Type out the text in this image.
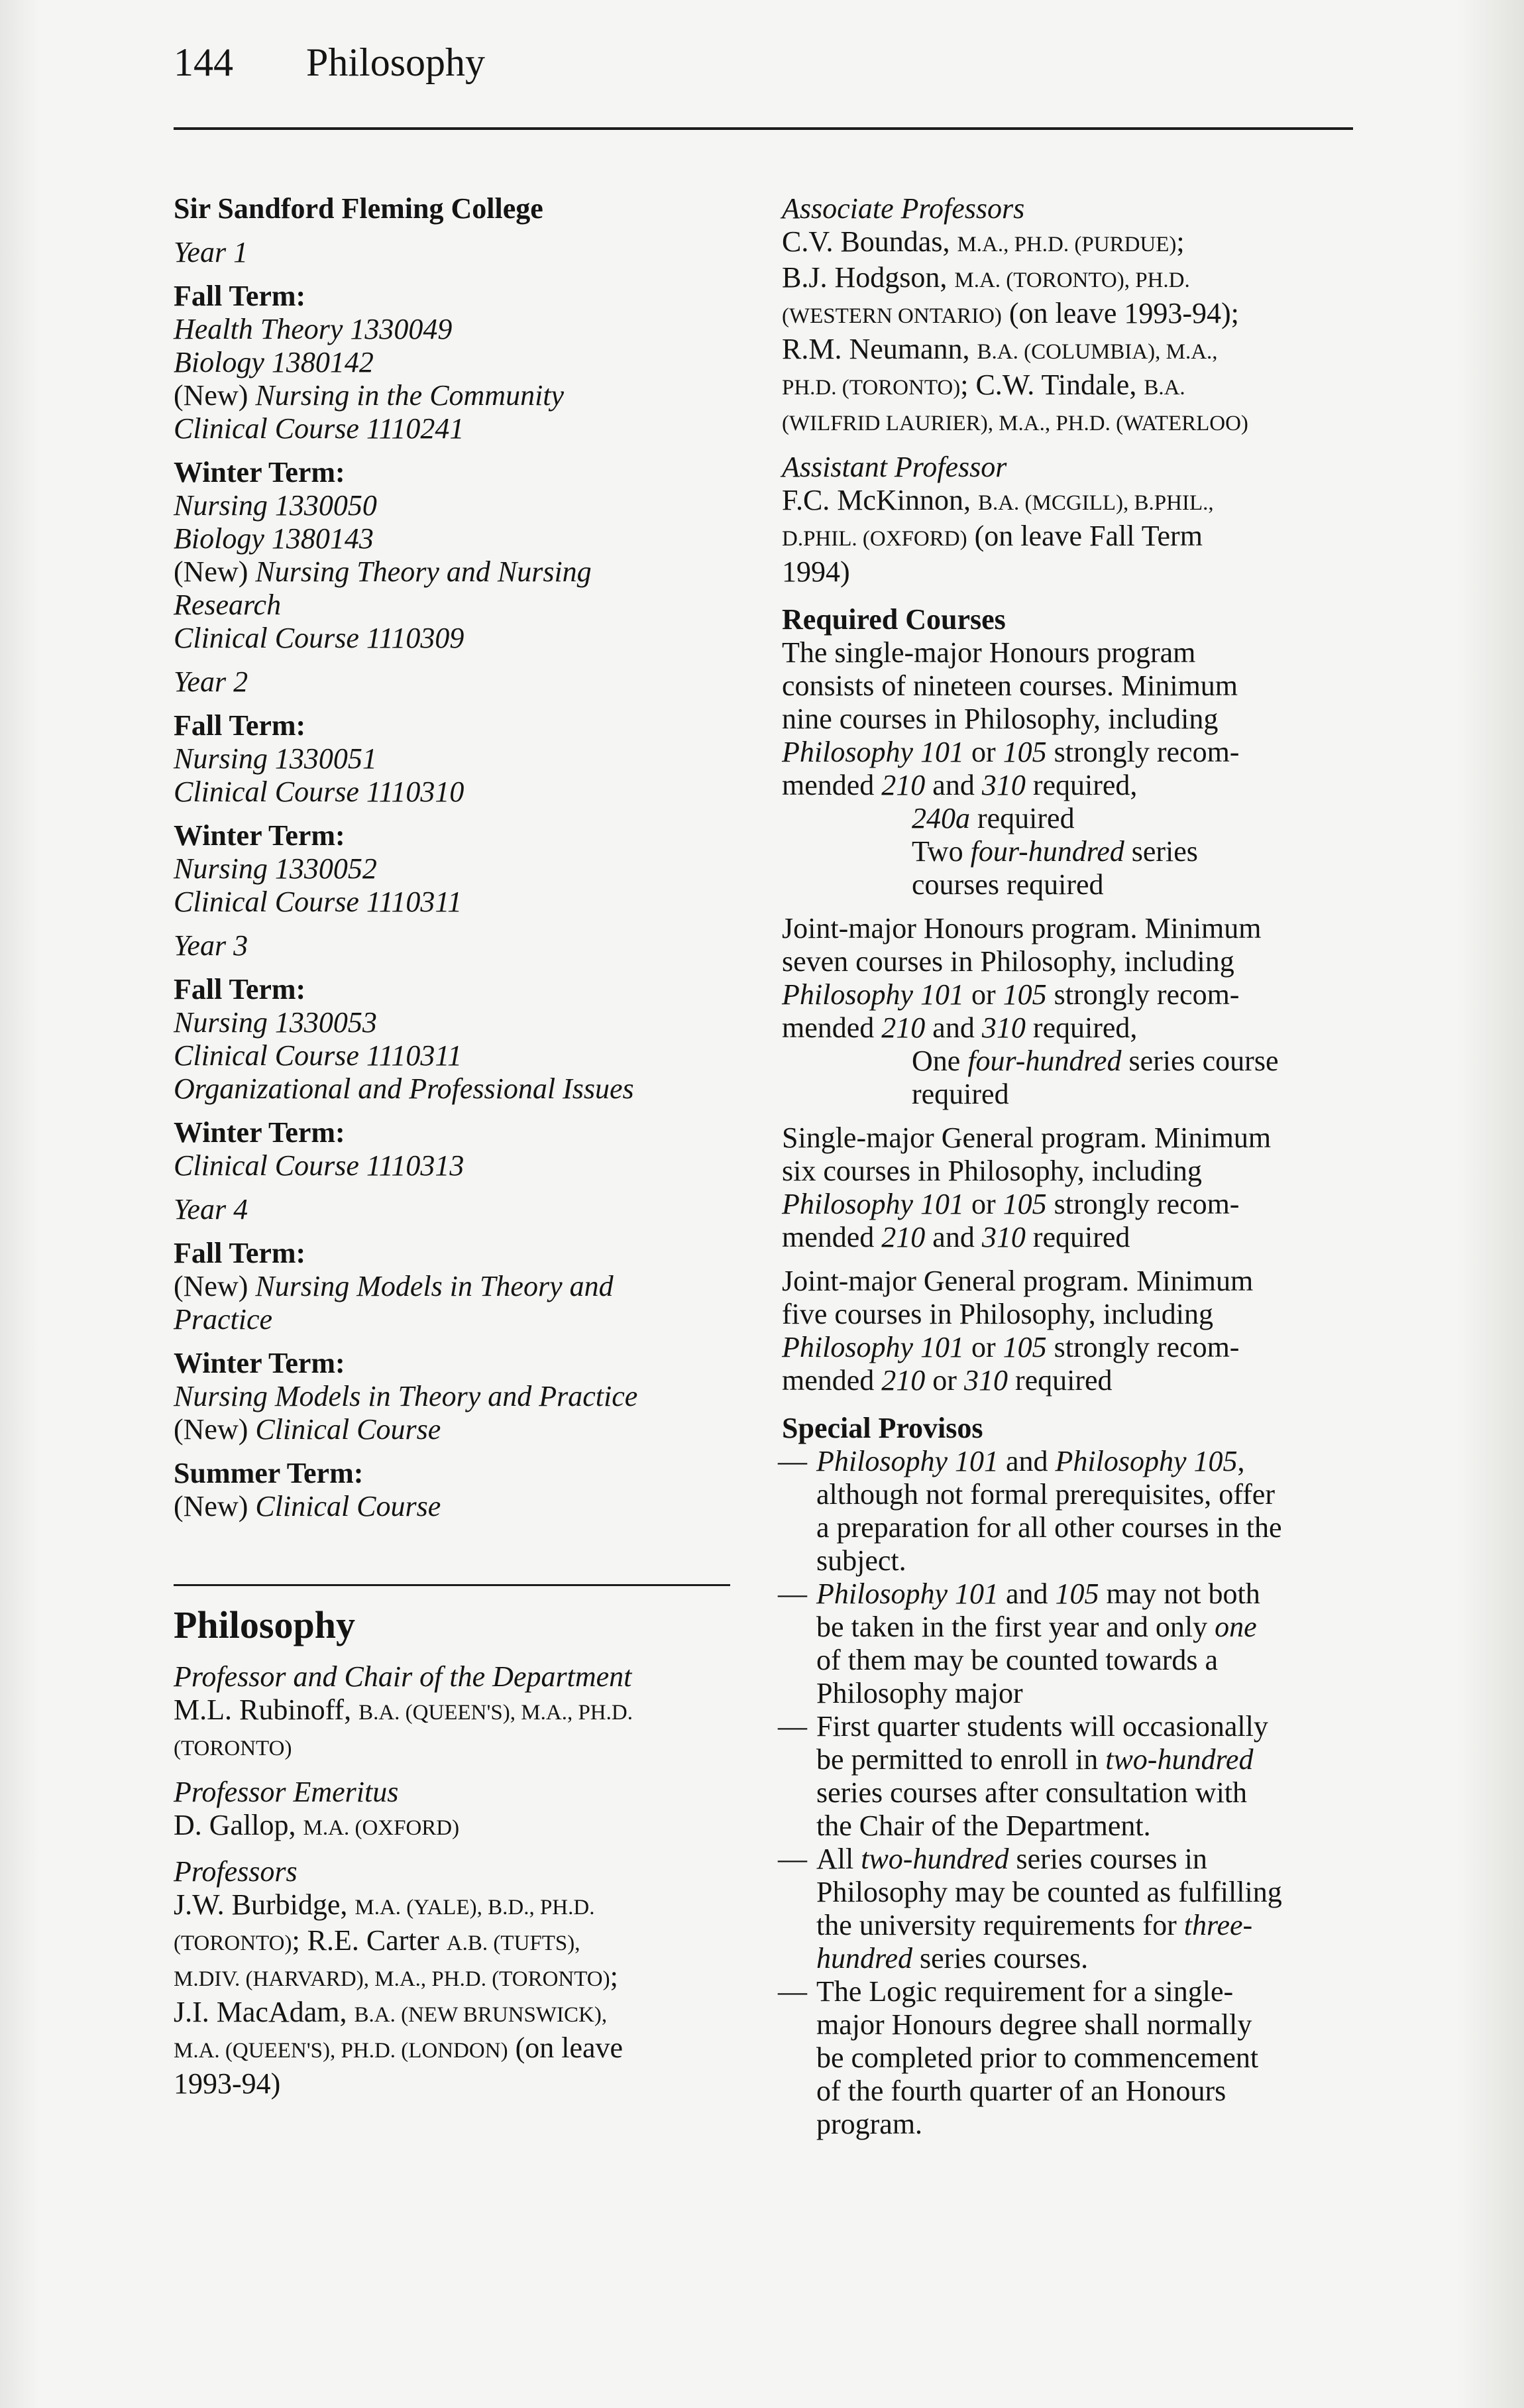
144 Philosophy
Sir Sandford Fleming College
Year 1
Fall Term:
Health Theory 1330049
Biology 1380142
(New) Nursing in the Community
Clinical Course 1110241
Winter Term:
Nursing 1330050
Biology 1380143
(New) Nursing Theory and Nursing
Research
Clinical Course 1110309
Year 2
Fall Term:
Nursing 1330051
Clinical Course 1110310
Winter Term:
Nursing 1330052
Clinical Course 1110311
Year 3
Fall Term:
Nursing 1330053
Clinical Course 1110311
Organizational and Professional Issues
Winter Term:
Clinical Course 1110313
Year 4
Fall Term:
(New) Nursing Models in Theory and
Practice
Winter Term:
Nursing Models in Theory and Practice
(New) Clinical Course
Summer Term:
(New) Clinical Course
Philosophy
Professor and Chair of the Department
M.L. Rubinoff, B.A. (QUEEN'S), M.A., PH.D.
(TORONTO)
Professor Emeritus
D. Gallop, M.A. (OXFORD)
Professors
J.W. Burbidge, M.A. (YALE), B.D., PH.D.
(TORONTO); R.E. Carter A.B. (TUFTS),
M.DIV. (HARVARD), M.A., PH.D. (TORONTO);
J.I. MacAdam, B.A. (NEW BRUNSWICK),
M.A. (QUEEN'S), PH.D. (LONDON) (on leave
1993-94)
Associate Professors
C.V. Boundas, M.A., PH.D. (PURDUE);
B.J. Hodgson, M.A. (TORONTO), PH.D.
(WESTERN ONTARIO) (on leave 1993-94);
R.M. Neumann, B.A. (COLUMBIA), M.A.,
PH.D. (TORONTO); C.W. Tindale, B.A.
(WILFRID LAURIER), M.A., PH.D. (WATERLOO)
Assistant Professor
F.C. McKinnon, B.A. (MCGILL), B.PHIL.,
D.PHIL. (OXFORD) (on leave Fall Term
1994)
Required Courses
The single-major Honours program
consists of nineteen courses. Minimum
nine courses in Philosophy, including
Philosophy 101 or 105 strongly recom-
mended 210 and 310 required,
240a required
Two four-hundred series
courses required
Joint-major Honours program. Minimum
seven courses in Philosophy, including
Philosophy 101 or 105 strongly recom-
mended 210 and 310 required,
One four-hundred series course
required
Single-major General program. Minimum
six courses in Philosophy, including
Philosophy 101 or 105 strongly recom-
mended 210 and 310 required
Joint-major General program. Minimum
five courses in Philosophy, including
Philosophy 101 or 105 strongly recom-
mended 210 or 310 required
Special Provisos
— Philosophy 101 and Philosophy 105,
although not formal prerequisites, offer
a preparation for all other courses in the
subject.
— Philosophy 101 and 105 may not both
be taken in the first year and only one
of them may be counted towards a
Philosophy major
— First quarter students will occasionally
be permitted to enroll in two-hundred
series courses after consultation with
the Chair of the Department.
— All two-hundred series courses in
Philosophy may be counted as fulfilling
the university requirements for three-
hundred series courses.
— The Logic requirement for a single-
major Honours degree shall normally
be completed prior to commencement
of the fourth quarter of an Honours
program.
